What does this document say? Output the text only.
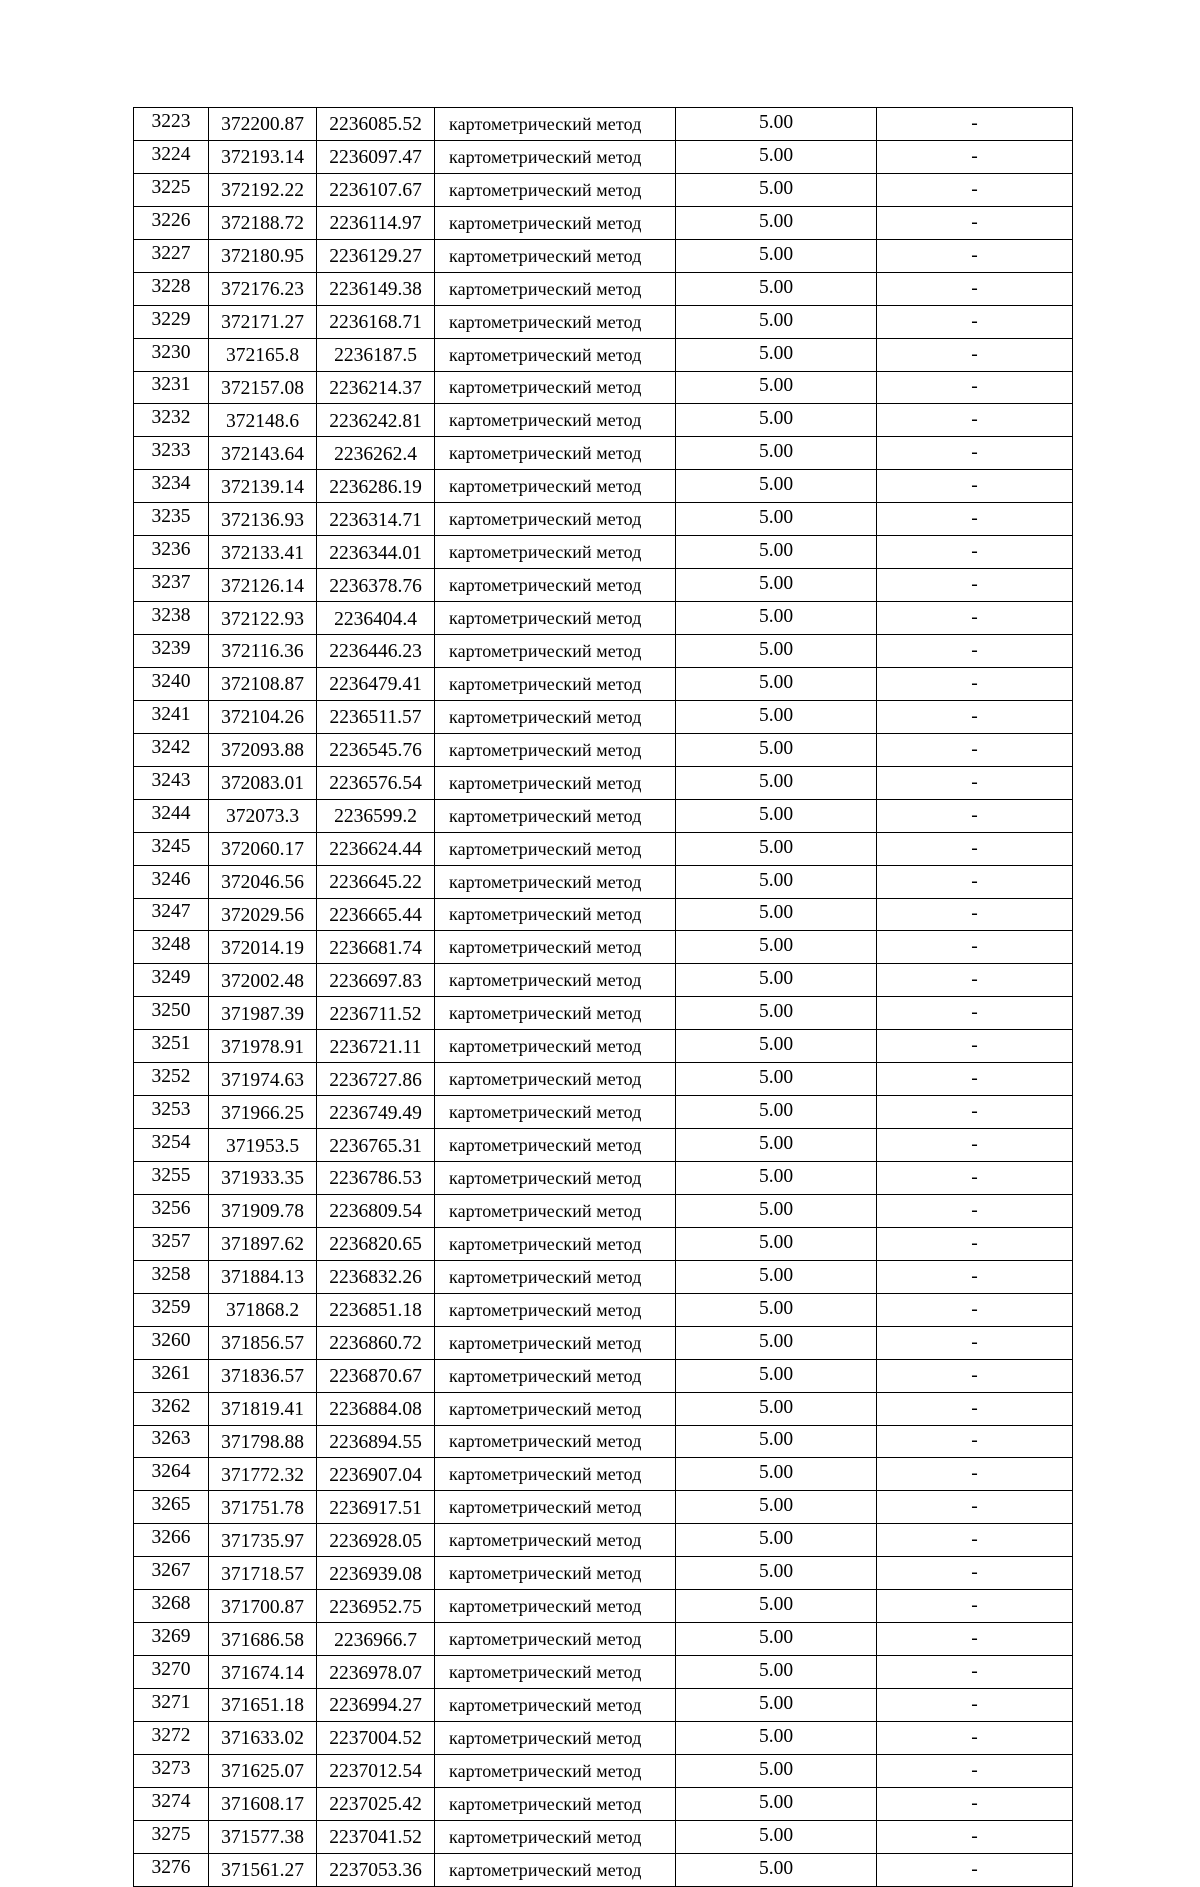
3223	372200.87	2236085.52	картометрический метод	5.00	-
3224	372193.14	2236097.47	картометрический метод	5.00	-
3225	372192.22	2236107.67	картометрический метод	5.00	-
3226	372188.72	2236114.97	картометрический метод	5.00	-
3227	372180.95	2236129.27	картометрический метод	5.00	-
3228	372176.23	2236149.38	картометрический метод	5.00	-
3229	372171.27	2236168.71	картометрический метод	5.00	-
3230	372165.8	2236187.5	картометрический метод	5.00	-
3231	372157.08	2236214.37	картометрический метод	5.00	-
3232	372148.6	2236242.81	картометрический метод	5.00	-
3233	372143.64	2236262.4	картометрический метод	5.00	-
3234	372139.14	2236286.19	картометрический метод	5.00	-
3235	372136.93	2236314.71	картометрический метод	5.00	-
3236	372133.41	2236344.01	картометрический метод	5.00	-
3237	372126.14	2236378.76	картометрический метод	5.00	-
3238	372122.93	2236404.4	картометрический метод	5.00	-
3239	372116.36	2236446.23	картометрический метод	5.00	-
3240	372108.87	2236479.41	картометрический метод	5.00	-
3241	372104.26	2236511.57	картометрический метод	5.00	-
3242	372093.88	2236545.76	картометрический метод	5.00	-
3243	372083.01	2236576.54	картометрический метод	5.00	-
3244	372073.3	2236599.2	картометрический метод	5.00	-
3245	372060.17	2236624.44	картометрический метод	5.00	-
3246	372046.56	2236645.22	картометрический метод	5.00	-
3247	372029.56	2236665.44	картометрический метод	5.00	-
3248	372014.19	2236681.74	картометрический метод	5.00	-
3249	372002.48	2236697.83	картометрический метод	5.00	-
3250	371987.39	2236711.52	картометрический метод	5.00	-
3251	371978.91	2236721.11	картометрический метод	5.00	-
3252	371974.63	2236727.86	картометрический метод	5.00	-
3253	371966.25	2236749.49	картометрический метод	5.00	-
3254	371953.5	2236765.31	картометрический метод	5.00	-
3255	371933.35	2236786.53	картометрический метод	5.00	-
3256	371909.78	2236809.54	картометрический метод	5.00	-
3257	371897.62	2236820.65	картометрический метод	5.00	-
3258	371884.13	2236832.26	картометрический метод	5.00	-
3259	371868.2	2236851.18	картометрический метод	5.00	-
3260	371856.57	2236860.72	картометрический метод	5.00	-
3261	371836.57	2236870.67	картометрический метод	5.00	-
3262	371819.41	2236884.08	картометрический метод	5.00	-
3263	371798.88	2236894.55	картометрический метод	5.00	-
3264	371772.32	2236907.04	картометрический метод	5.00	-
3265	371751.78	2236917.51	картометрический метод	5.00	-
3266	371735.97	2236928.05	картометрический метод	5.00	-
3267	371718.57	2236939.08	картометрический метод	5.00	-
3268	371700.87	2236952.75	картометрический метод	5.00	-
3269	371686.58	2236966.7	картометрический метод	5.00	-
3270	371674.14	2236978.07	картометрический метод	5.00	-
3271	371651.18	2236994.27	картометрический метод	5.00	-
3272	371633.02	2237004.52	картометрический метод	5.00	-
3273	371625.07	2237012.54	картометрический метод	5.00	-
3274	371608.17	2237025.42	картометрический метод	5.00	-
3275	371577.38	2237041.52	картометрический метод	5.00	-
3276	371561.27	2237053.36	картометрический метод	5.00	-
